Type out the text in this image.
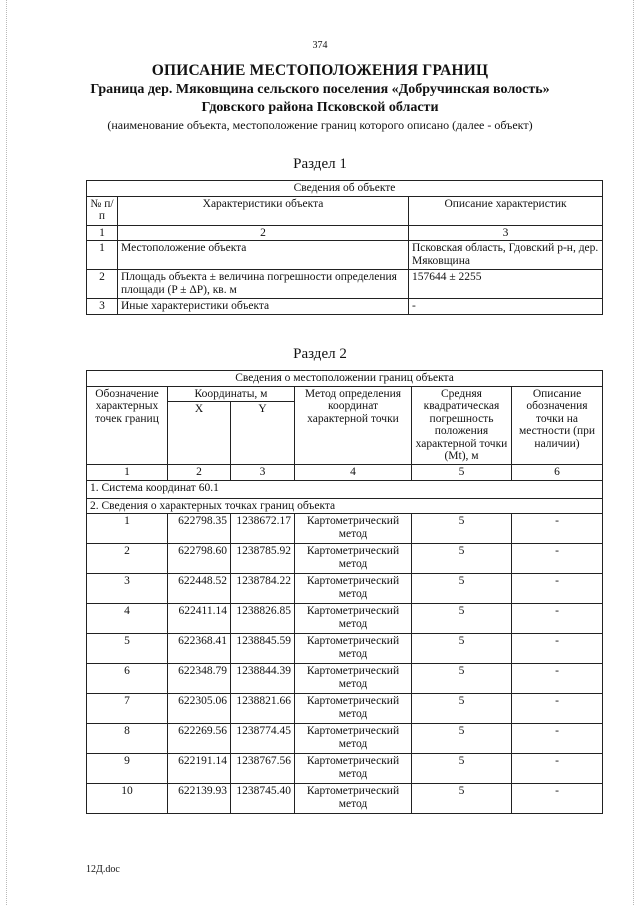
374
ОПИСАНИЕ МЕСТОПОЛОЖЕНИЯ ГРАНИЦ
Граница дер. Мяковщина сельского поселения «Добручинская волость»
Гдовского района Псковской области
(наименование объекта, местоположение границ которого описано (далее - объект)
Раздел 1
Сведения об объекте		
№ п/п	Характеристики объекта	Описание характеристик
1	2	3
1	Местоположение объекта	Псковская область, Гдовский р-н, дер. Мяковщина
2	Площадь объекта ± величина погрешности определения площади (P ± ΔP), кв. м	157644 ± 2255
3	Иные характеристики объекта	-
Раздел 2
Сведения о местоположении границ объекта					
Обозначение характерных точек границ	Координаты, м		Метод определения координат характерной точки	Средняя квадратическая погрешность положения характерной точки (Mt), м	Описание обозначения точки на местности (при наличии)
	X	Y			
1	2	3	4	5	6
1. Система координат 60.1					
2. Сведения о характерных точках границ объекта					
1	622798.35	1238672.17	Картометрический метод	5	-
2	622798.60	1238785.92	Картометрический метод	5	-
3	622448.52	1238784.22	Картометрический метод	5	-
4	622411.14	1238826.85	Картометрический метод	5	-
5	622368.41	1238845.59	Картометрический метод	5	-
6	622348.79	1238844.39	Картометрический метод	5	-
7	622305.06	1238821.66	Картометрический метод	5	-
8	622269.56	1238774.45	Картометрический метод	5	-
9	622191.14	1238767.56	Картометрический метод	5	-
10	622139.93	1238745.40	Картометрический метод	5	-
12Д.doc
